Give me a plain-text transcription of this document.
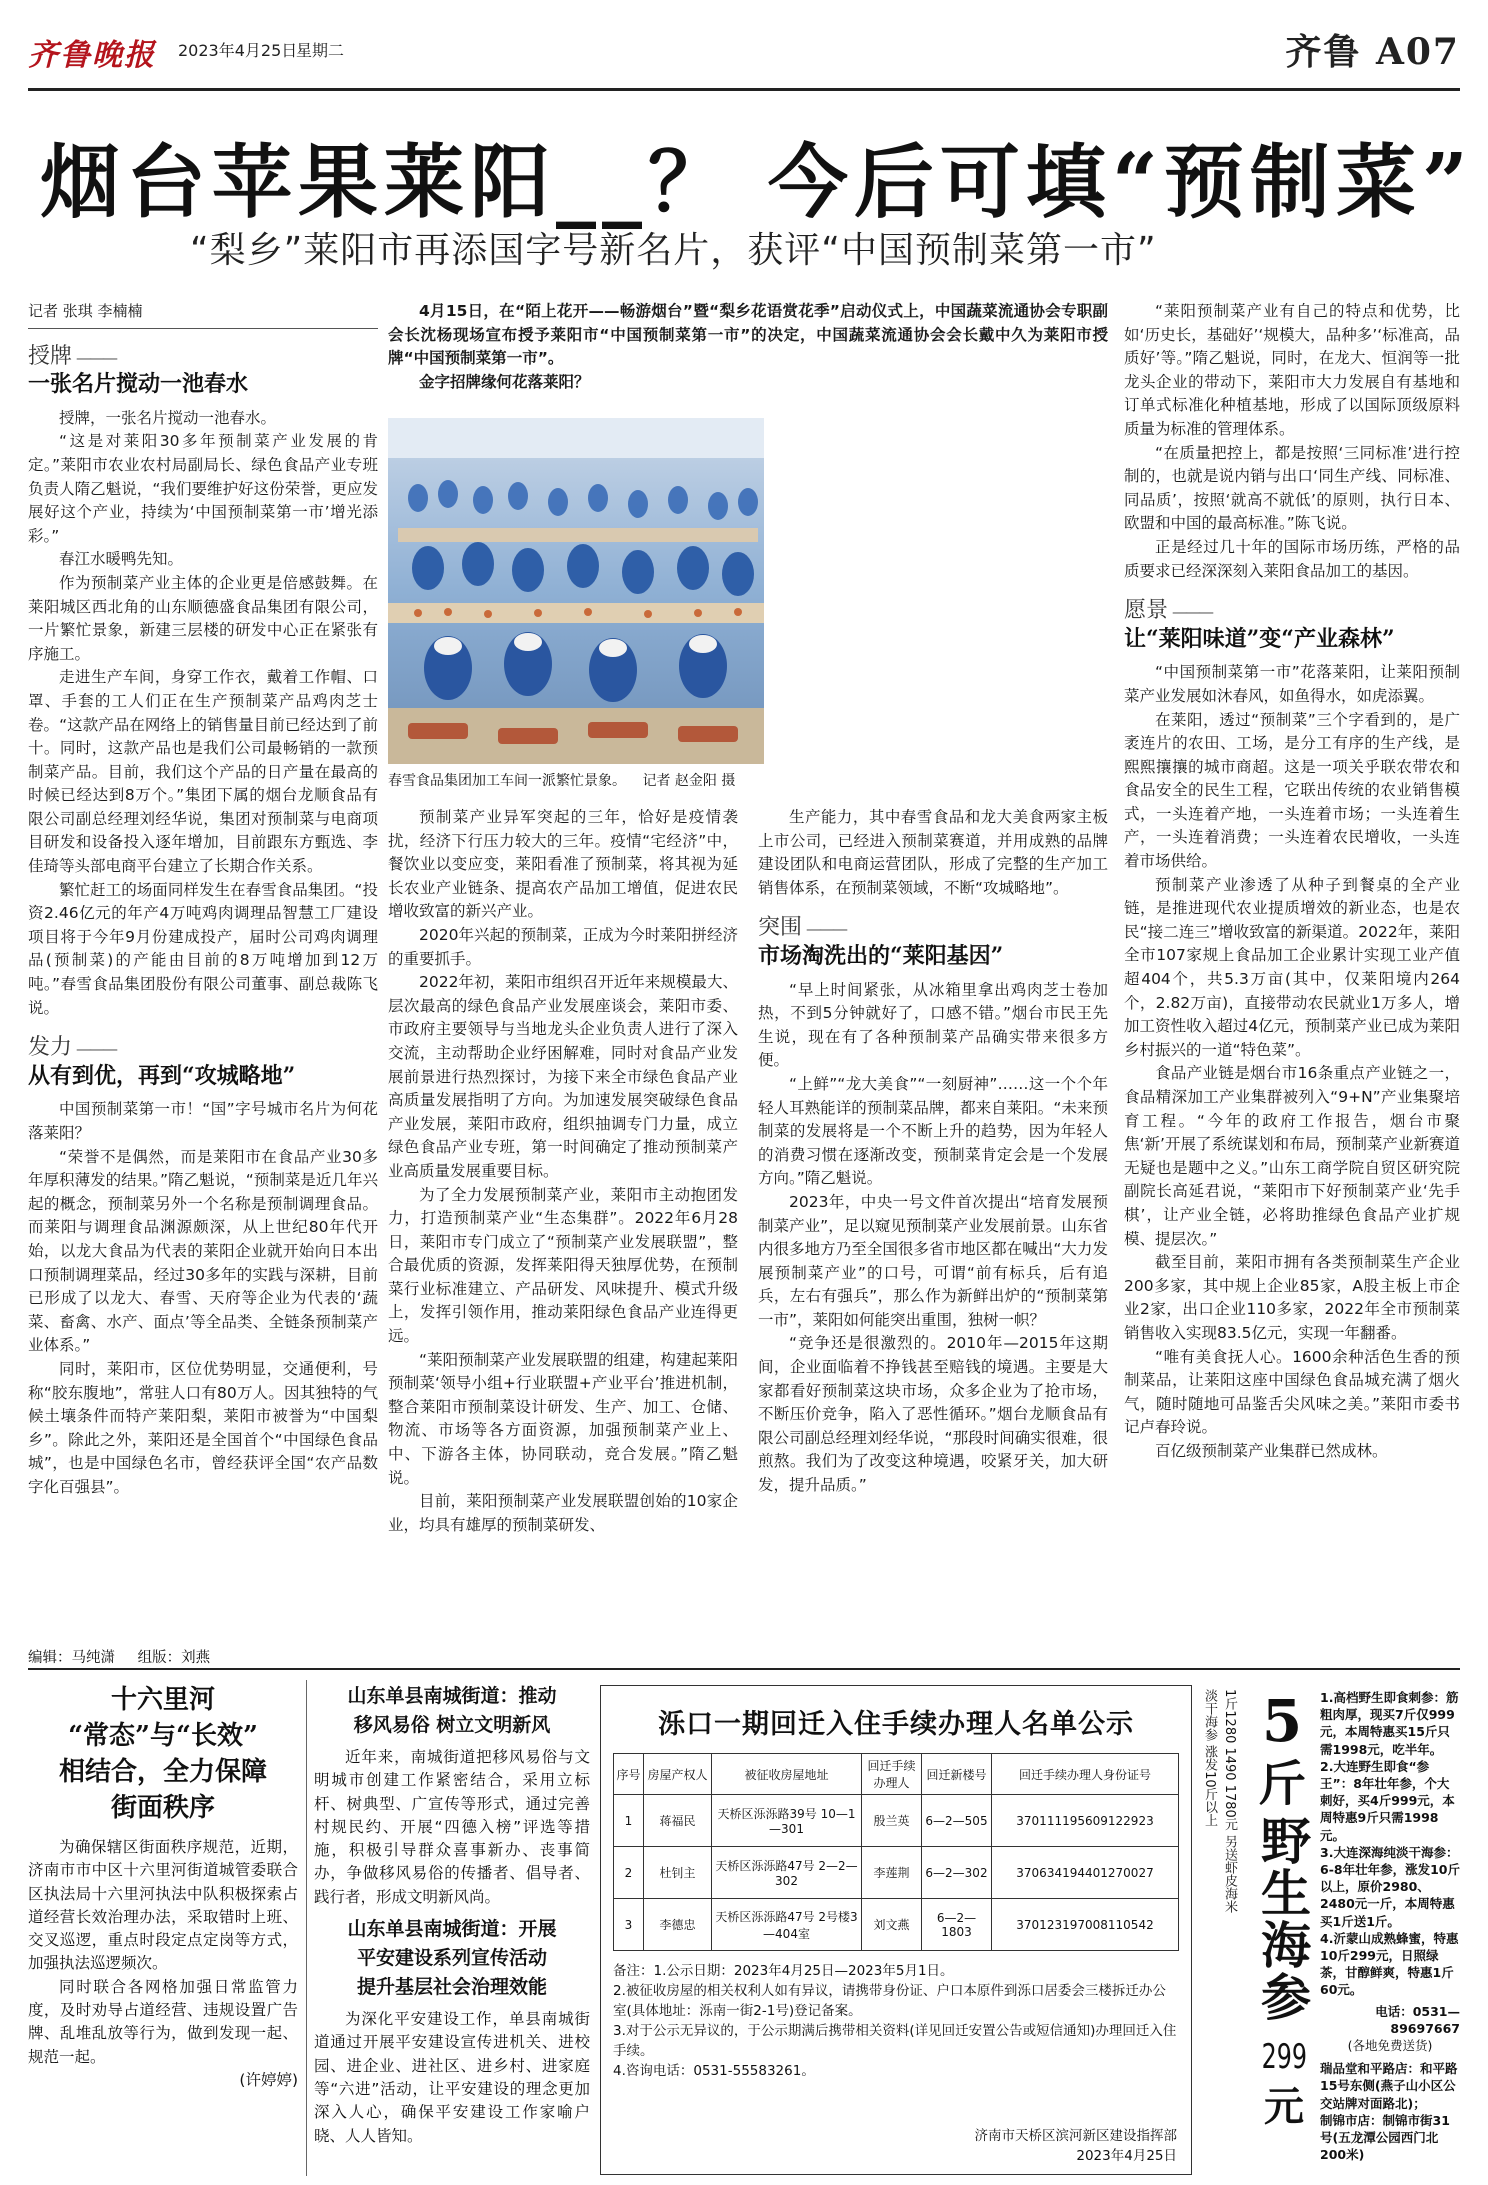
齐鲁晚报 2023年4月25日
星期二	齐鲁 A07
烟台苹果莱阳__？ 今后可填“预制菜”
“梨乡”莱阳市再添国字号新名片，获评“中国预制菜第一市”
记者 张琪 李楠楠
授牌 ———
一张名片搅动一池春水

授牌，一张名片搅动一池春水。

“这是对莱阳30多年预制菜产业发展的肯定。”莱阳市农业农村局副局长、绿色食品产业专班负责人隋乙魁说，“我们要维护好这份荣誉，更应发展好这个产业，持续为‘中国预制菜第一市’增光添彩。”

春江水暖鸭先知。

作为预制菜产业主体的企业更是倍感鼓舞。在莱阳城区西北角的山东顺德盛食品集团有限公司，一片繁忙景象，新建三层楼的研发中心正在紧张有序施工。

走进生产车间，身穿工作衣，戴着工作帽、口罩、手套的工人们正在生产预制菜产品鸡肉芝士卷。“这款产品在网络上的销售量目前已经达到了前十。同时，这款产品也是我们公司最畅销的一款预制菜产品。目前，我们这个产品的日产量在最高的时候已经达到8万个。”集团下属的烟台龙顺食品有限公司副总经理刘经华说，集团对预制菜与电商项目研发和设备投入逐年增加，目前跟东方甄选、李佳琦等头部电商平台建立了长期合作关系。

繁忙赶工的场面同样发生在春雪食品集团。“投资2.46亿元的年产4万吨鸡肉调理品智慧工厂建设项目将于今年9月份建成投产，届时公司鸡肉调理品(预制菜)的产能由目前的8万吨增加到12万吨。”春雪食品集团股份有限公司董事、副总裁陈飞说。

发力 ———
从有到优，再到“攻城略地”

中国预制菜第一市！“国”字号城市名片为何花落莱阳？

“荣誉不是偶然，而是莱阳市在食品产业30多年厚积薄发的结果。”隋乙魁说，“预制菜是近几年兴起的概念，预制菜另外一个名称是预制调理食品。而莱阳与调理食品渊源颇深，从上世纪80年代开始，以龙大食品为代表的莱阳企业就开始向日本出口预制调理菜品，经过30多年的实践与深耕，目前已形成了以龙大、春雪、天府等企业为代表的‘蔬菜、畜禽、水产、面点’等全品类、全链条预制菜产业体系。”

同时，莱阳市，区位优势明显，交通便利，号称“胶东腹地”，常驻人口有80万人。因其独特的气候土壤条件而特产莱阳梨，莱阳市被誉为“中国梨乡”。除此之外，莱阳还是全国首个“中国绿色食品城”，也是中国绿色名市，曾经获评全国“农产品数字化百强县”。

4月15日，在“陌上花开——畅游烟台”暨“梨乡花语赏花季”启动仪式上，中国蔬菜流通协会专职副会长沈杨现场宣布授予莱阳市“中国预制菜第一市”的决定，中国蔬菜流通协会会长戴中久为莱阳市授牌“中国预制菜第一市”。

金字招牌缘何花落莱阳？

春雪食品集团加工车间一派繁忙景象。 记者 赵金阳 摄

预制菜产业异军突起的三年，恰好是疫情袭扰，经济下行压力较大的三年。疫情“宅经济”中，餐饮业以变应变，莱阳看准了预制菜，将其视为延长农业产业链条、提高农产品加工增值，促进农民增收致富的新兴产业。

2020年兴起的预制菜，正成为今时莱阳拼经济的重要抓手。

2022年初，莱阳市组织召开近年来规模最大、层次最高的绿色食品产业发展座谈会，莱阳市委、市政府主要领导与当地龙头企业负责人进行了深入交流，主动帮助企业纾困解难，同时对食品产业发展前景进行热烈探讨，为接下来全市绿色食品产业高质量发展指明了方向。为加速发展突破绿色食品产业发展，莱阳市政府，组织抽调专门力量，成立绿色食品产业专班，第一时间确定了推动预制菜产业高质量发展重要目标。

为了全力发展预制菜产业，莱阳市主动抱团发力，打造预制菜产业“生态集群”。2022年6月28日，莱阳市专门成立了“预制菜产业发展联盟”，整合最优质的资源，发挥莱阳得天独厚优势，在预制菜行业标准建立、产品研发、风味提升、模式升级上，发挥引领作用，推动莱阳绿色食品产业连得更远。

“莱阳预制菜产业发展联盟的组建，构建起莱阳预制菜‘领导小组+行业联盟+产业平台’推进机制，整合莱阳市预制菜设计研发、生产、加工、仓储、物流、市场等各方面资源，加强预制菜产业上、中、下游各主体，协同联动，竞合发展。”隋乙魁说。

目前，莱阳预制菜产业发展联盟创始的10家企业，均具有雄厚的预制菜研发、

生产能力，其中春雪食品和龙大美食两家主板上市公司，已经进入预制菜赛道，并用成熟的品牌建设团队和电商运营团队，形成了完整的生产加工销售体系，在预制菜领域，不断“攻城略地”。

突围 ———
市场淘洗出的“莱阳基因”

“早上时间紧张，从冰箱里拿出鸡肉芝士卷加热，不到5分钟就好了，口感不错。”烟台市民王先生说，现在有了各种预制菜产品确实带来很多方便。

“上鲜”“龙大美食”“一刻厨神”……这一个个年轻人耳熟能详的预制菜品牌，都来自莱阳。“未来预制菜的发展将是一个不断上升的趋势，因为年轻人的消费习惯在逐渐改变，预制菜肯定会是一个发展方向。”隋乙魁说。

2023年，中央一号文件首次提出“培育发展预制菜产业”，足以窥见预制菜产业发展前景。山东省内很多地方乃至全国很多省市地区都在喊出“大力发展预制菜产业”的口号，可谓“前有标兵，后有追兵，左右有强兵”，那么作为新鲜出炉的“预制菜第一市”，莱阳如何能突出重围，独树一帜？

“竞争还是很激烈的。2010年—2015年这期间，企业面临着不挣钱甚至赔钱的境遇。主要是大家都看好预制菜这块市场，众多企业为了抢市场，不断压价竞争，陷入了恶性循环。”烟台龙顺食品有限公司副总经理刘经华说，“那段时间确实很难，很煎熬。我们为了改变这种境遇，咬紧牙关，加大研发，提升品质。”

“莱阳预制菜产业有自己的特点和优势，比如‘历史长，基础好’‘规模大，品种多’‘标准高，品质好’等。”隋乙魁说，同时，在龙大、恒润等一批龙头企业的带动下，莱阳市大力发展自有基地和订单式标准化种植基地，形成了以国际顶级原料质量为标准的管理体系。

“在质量把控上，都是按照‘三同标准’进行控制的，也就是说内销与出口‘同生产线、同标准、同品质’，按照‘就高不就低’的原则，执行日本、欧盟和中国的最高标准。”陈飞说。

正是经过几十年的国际市场历练，严格的品质要求已经深深刻入莱阳食品加工的基因。

愿景 ———
让“莱阳味道”变“产业森林”

“中国预制菜第一市”花落莱阳，让莱阳预制菜产业发展如沐春风，如鱼得水，如虎添翼。

在莱阳，透过“预制菜”三个字看到的，是广袤连片的农田、工场，是分工有序的生产线，是熙熙攘攘的城市商超。这是一项关乎联农带农和食品安全的民生工程，它联出传统的农业销售模式，一头连着产地，一头连着市场；一头连着生产，一头连着消费；一头连着农民增收，一头连着市场供给。

预制菜产业渗透了从种子到餐桌的全产业链，是推进现代农业提质增效的新业态，也是农民“接二连三”增收致富的新渠道。2022年，莱阳全市107家规上食品加工企业累计实现工业产值超404个，共5.3万亩(其中，仅莱阳境内264个，2.82万亩)，直接带动农民就业1万多人，增加工资性收入超过4亿元，预制菜产业已成为莱阳乡村振兴的一道“特色菜”。

食品产业链是烟台市16条重点产业链之一，食品精深加工产业集群被列入“9+N”产业集聚培育工程。“今年的政府工作报告，烟台市聚焦‘新’开展了系统谋划和布局，预制菜产业新赛道无疑也是题中之义。”山东工商学院自贸区研究院副院长高延君说，“莱阳市下好预制菜产业‘先手棋’，让产业全链，必将助推绿色食品产业扩规模、提层次。”

截至目前，莱阳市拥有各类预制菜生产企业200多家，其中规上企业85家，A股主板上市企业2家，出口企业110多家，2022年全市预制菜销售收入实现83.5亿元，实现一年翻番。

“唯有美食抚人心。1600余种活色生香的预制菜品，让莱阳这座中国绿色食品城充满了烟火气，随时随地可品鉴舌尖风味之美。”莱阳市委书记卢春玲说。

百亿级预制菜产业集群已然成林。

编辑：马纯潇 组版：刘燕
十六里河
“常态”与“长效”
相结合，全力保障
街面秩序

为确保辖区街面秩序规范，近期，济南市市中区十六里河街道城管委联合区执法局十六里河执法中队积极探索占道经营长效治理办法，采取错时上班、交叉巡逻，重点时段定点定岗等方式，加强执法巡逻频次。

同时联合各网格加强日常监管力度，及时劝导占道经营、违规设置广告牌、乱堆乱放等行为，做到发现一起、规范一起。

(许婷婷)
山东单县南城街道：推动
移风易俗 树立文明新风

近年来，南城街道把移风易俗与文明城市创建工作紧密结合，采用立标杆、树典型、广宣传等形式，通过完善村规民约、开展“四德入榜”评选等措施，积极引导群众喜事新办、丧事简办，争做移风易俗的传播者、倡导者、践行者，形成文明新风尚。

山东单县南城街道：开展
平安建设系列宣传活动
提升基层社会治理效能

为深化平安建设工作，单县南城街道通过开展平安建设宣传进机关、进校园、进企业、进社区、进乡村、进家庭等“六进”活动，让平安建设的理念更加深入人心，确保平安建设工作家喻户晓、人人皆知。

泺口一期回迁入住手续办理人名单公示
序号	房屋产权人	被征收房屋地址	回迁手续办理人	回迁新楼号	回迁手续办理人身份证号
1	蒋福民	天桥区泺泺路39号 10—1—301	殷兰英	6—2—505	370111195609122923
2	杜钊主	天桥区泺泺路47号 2—2—302	李莲荆	6—2—302	370634194401270027
3	李德忠	天桥区泺泺路47号 2号楼3—404室	刘文燕	6—2—1803	370123197008110542
备注：1.公示日期：2023年4月25日—2023年5月1日。
2.被征收房屋的相关权利人如有异议，请携带身份证、户口本原件到泺口居委会三楼拆迁办公室(具体地址：泺南一街2-1号)登记备案。
3.对于公示无异议的，于公示期满后携带相关资料(详见回迁安置公告或短信通知)办理回迁入住手续。
4.咨询电话：0531-55583261。
济南市天桥区滨河新区建设指挥部
2023年4月25日
淡干海参 涨发10斤以上 1斤1280 1490 1780元 另送虾皮海米 5
斤
野生海参
299
元
1.高档野生即食刺参：筋粗肉厚，现买7斤仅999元，本周特惠买15斤只需1998元，吃半年。
2.大连野生即食“参王”：8年壮年参，个大刺好，买4斤999元，本周特惠9斤只需1998元。
3.大连深海纯淡干海参：6-8年壮年参，涨发10斤以上，原价2980、2480元一斤，本周特惠买1斤送1斤。
4.沂蒙山成熟蜂蜜，特惠10斤299元，日照绿茶，甘醇鲜爽，特惠1斤60元。
电话：0531—89697667
(各地免费送货)
瑞品堂和平路店：和平路15号东侧(燕子山小区公交站牌对面路北)；
制锦市店：制锦市街31号(五龙潭公园西门北200米)
